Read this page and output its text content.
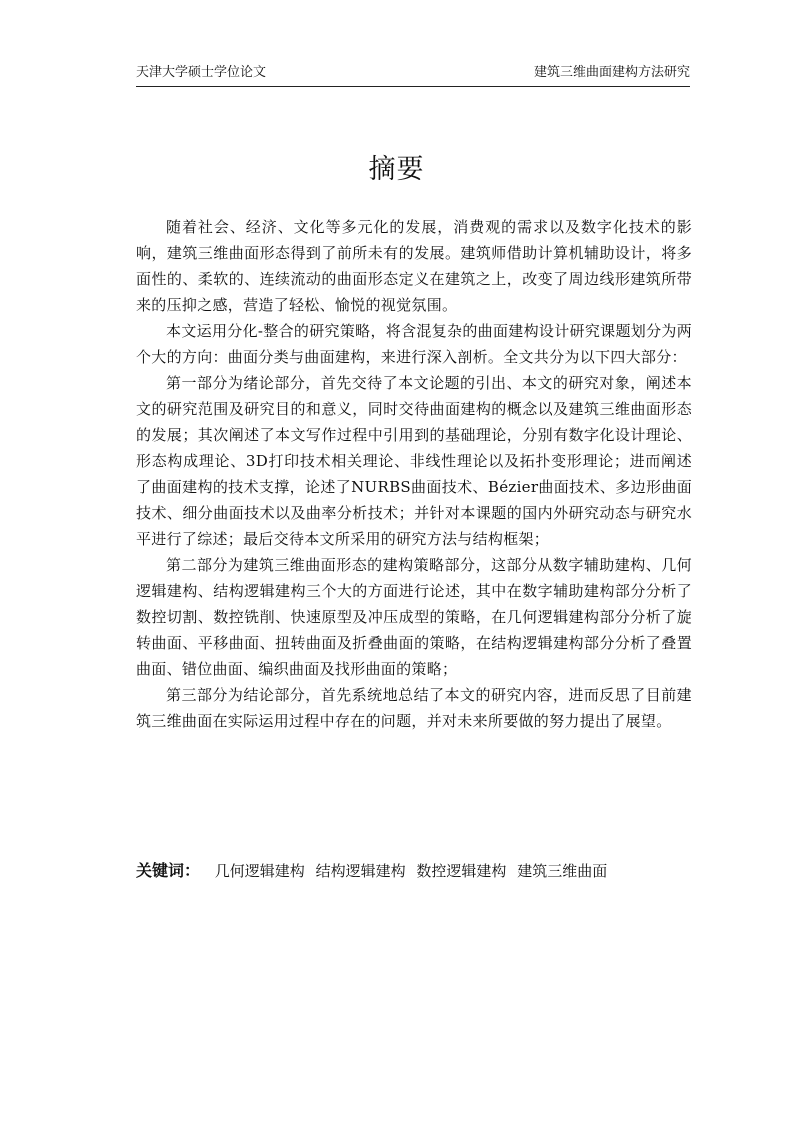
天津大学硕士学位论文	建筑三维曲面建构方法研究
摘要

随着社会、经济、文化等多元化的发展，消费观的需求以及数字化技术的影响，建筑三维曲面形态得到了前所未有的发展。建筑师借助计算机辅助设计，将多面性的、柔软的、连续流动的曲面形态定义在建筑之上，改变了周边线形建筑所带来的压抑之感，营造了轻松、愉悦的视觉氛围。

本文运用分化-整合的研究策略，将含混复杂的曲面建构设计研究课题划分为两个大的方向：曲面分类与曲面建构，来进行深入剖析。全文共分为以下四大部分：

第一部分为绪论部分，首先交待了本文论题的引出、本文的研究对象，阐述本文的研究范围及研究目的和意义，同时交待曲面建构的概念以及建筑三维曲面形态的发展；其次阐述了本文写作过程中引用到的基础理论，分别有数字化设计理论、形态构成理论、3D打印技术相关理论、非线性理论以及拓扑变形理论；进而阐述了曲面建构的技术支撑，论述了NURBS曲面技术、Bézier曲面技术、多边形曲面技术、细分曲面技术以及曲率分析技术；并针对本课题的国内外研究动态与研究水平进行了综述；最后交待本文所采用的研究方法与结构框架；

第二部分为建筑三维曲面形态的建构策略部分，这部分从数字辅助建构、几何逻辑建构、结构逻辑建构三个大的方面进行论述，其中在数字辅助建构部分分析了数控切割、数控铣削、快速原型及冲压成型的策略，在几何逻辑建构部分分析了旋转曲面、平移曲面、扭转曲面及折叠曲面的策略，在结构逻辑建构部分分析了叠置曲面、错位曲面、编织曲面及找形曲面的策略；

第三部分为结论部分，首先系统地总结了本文的研究内容，进而反思了目前建筑三维曲面在实际运用过程中存在的问题，并对未来所要做的努力提出了展望。

关键词： 几何逻辑建构 结构逻辑建构 数控逻辑建构 建筑三维曲面
